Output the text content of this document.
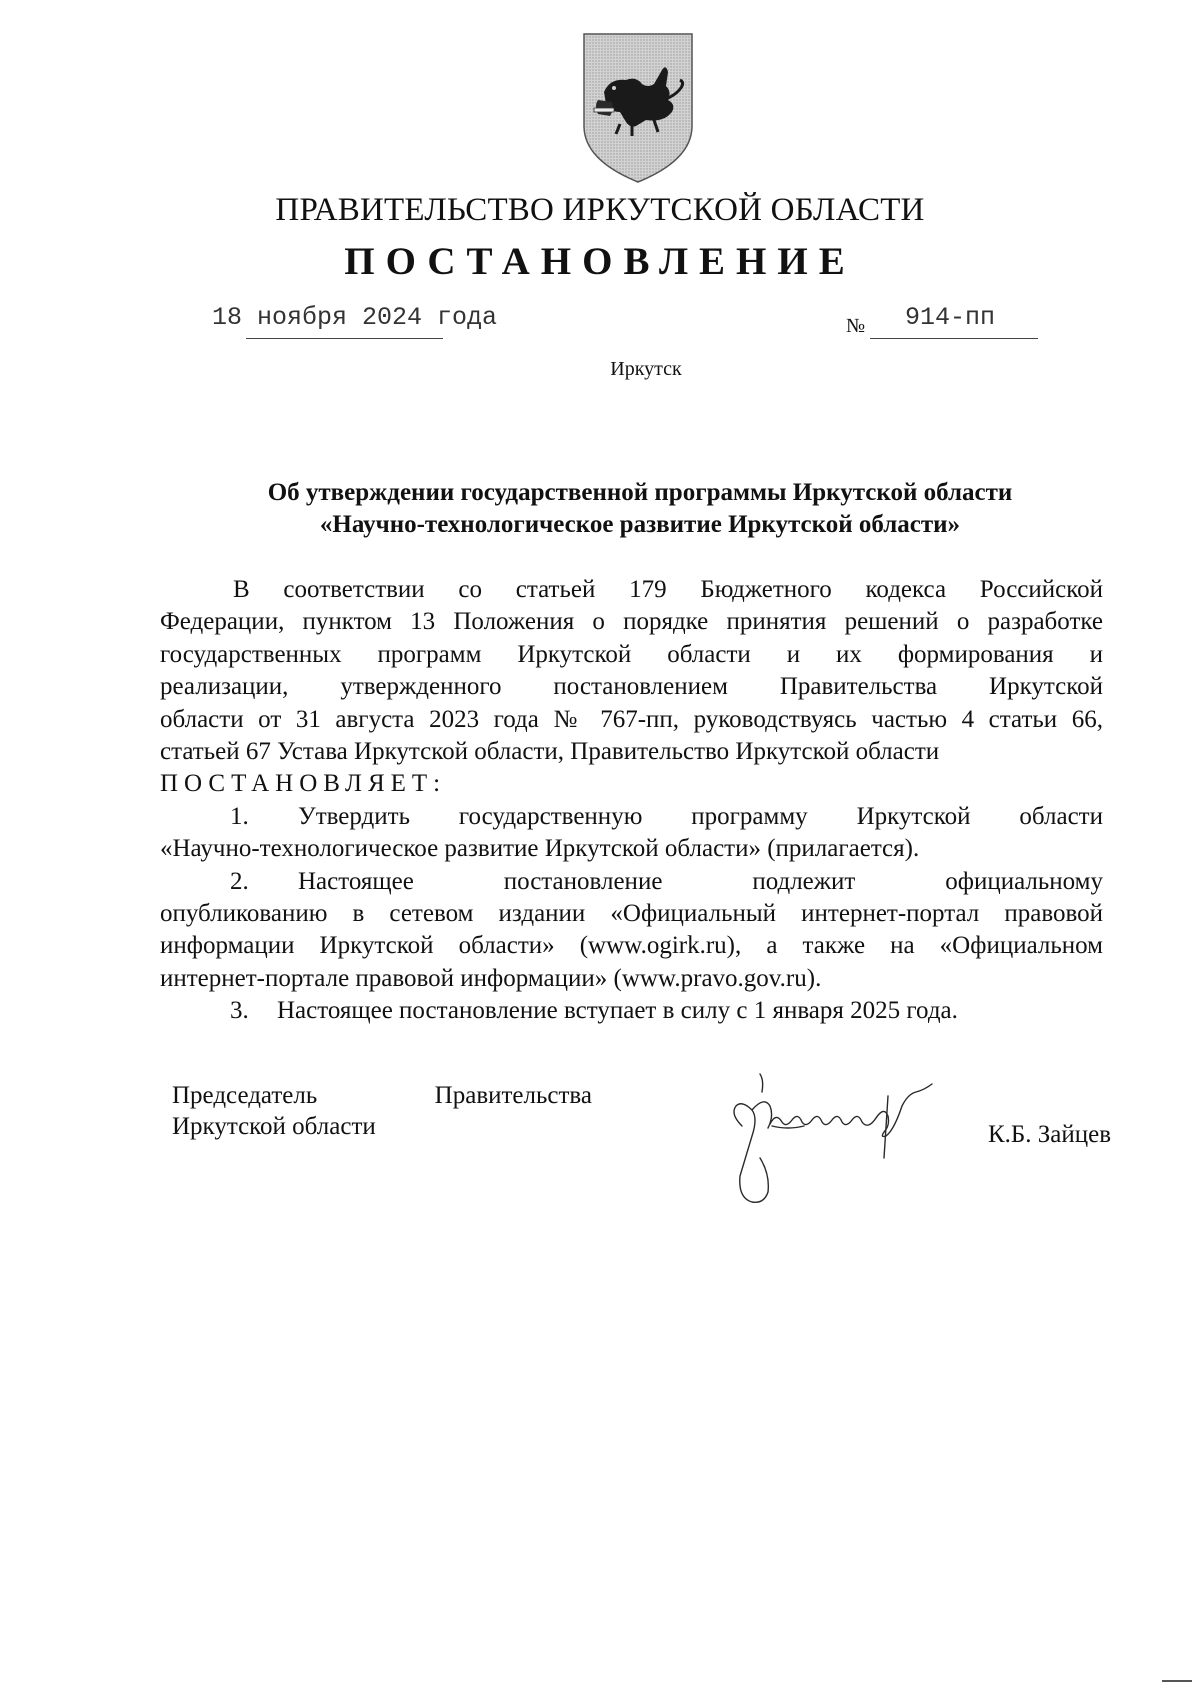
ПРАВИТЕЛЬСТВО ИРКУТСКОЙ ОБЛАСТИ
ПОСТАНОВЛЕНИЕ
18 ноября 2024 года	№ 914-пп
Иркутск
Об утверждении государственной программы Иркутской области
«Научно-технологическое развитие Иркутской области»
В соответствии со статьей 179 Бюджетного кодекса Российской
Федерации, пунктом 13 Положения о порядке принятия решений о разработке
государственных программ Иркутской области и их формирования и
реализации, утвержденного постановлением Правительства Иркутской
области от 31 августа 2023 года № 767-пп, руководствуясь частью 4 статьи 66,
статьей 67 Устава Иркутской области, Правительство Иркутской области
ПОСТАНОВЛЯЕТ:
1.	Утвердить государственную программу Иркутской области
«Научно-технологическое развитие Иркутской области» (прилагается).
2.	Настоящее постановление подлежит официальному
опубликованию в сетевом издании «Официальный интернет-портал правовой
информации Иркутской области» (www.ogirk.ru), а также на «Официальном
интернет-портале правовой информации» (www.pravo.gov.ru).
3. Настоящее постановление вступает в силу с 1 января 2025 года.
Председатель	Правительства
Иркутской области	К.Б. Зайцев
